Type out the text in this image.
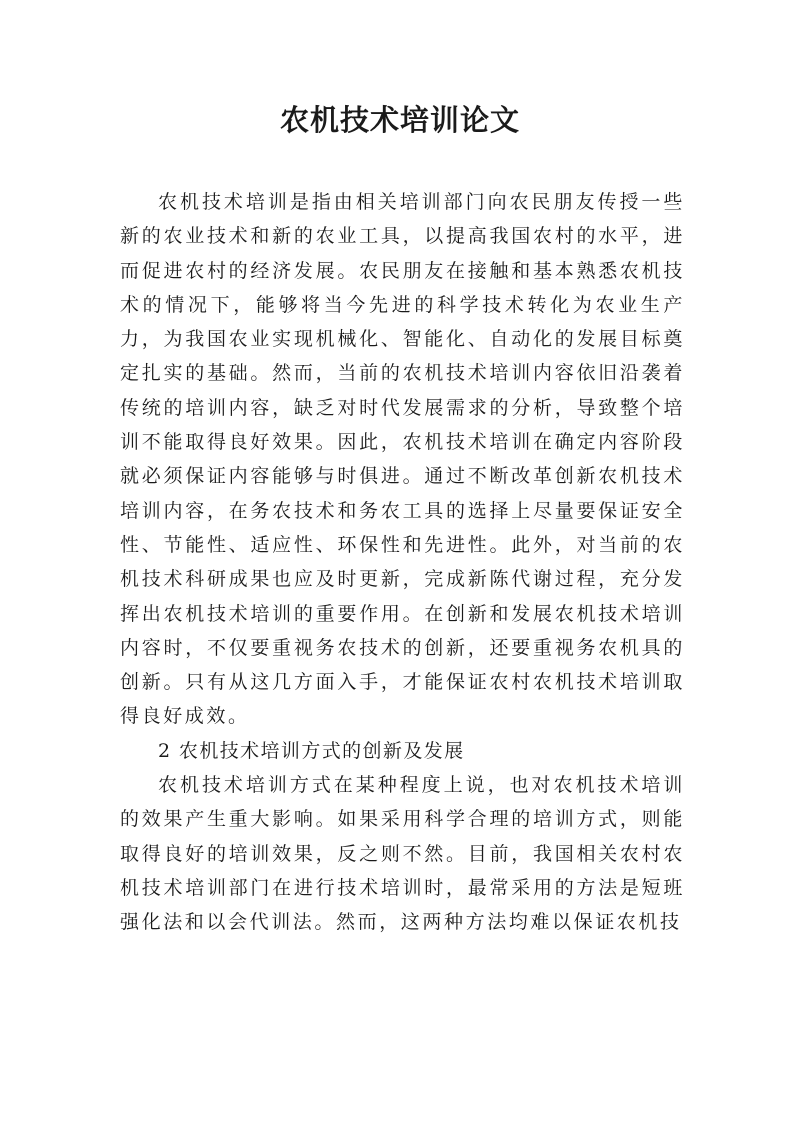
农机技术培训论文

农机技术培训是指由相关培训部门向农民朋友传授一些新的农业技术和新的农业工具，以提高我国农村的水平，进而促进农村的经济发展。农民朋友在接触和基本熟悉农机技术的情况下，能够将当今先进的科学技术转化为农业生产力，为我国农业实现机械化、智能化、自动化的发展目标奠定扎实的基础。然而，当前的农机技术培训内容依旧沿袭着传统的培训内容，缺乏对时代发展需求的分析，导致整个培训不能取得良好效果。因此，农机技术培训在确定内容阶段就必须保证内容能够与时俱进。通过不断改革创新农机技术培训内容，在务农技术和务农工具的选择上尽量要保证安全性、节能性、适应性、环保性和先进性。此外，对当前的农机技术科研成果也应及时更新，完成新陈代谢过程，充分发挥出农机技术培训的重要作用。在创新和发展农机技术培训内容时，不仅要重视务农技术的创新，还要重视务农机具的创新。只有从这几方面入手，才能保证农村农机技术培训取得良好成效。

2 农机技术培训方式的创新及发展

农机技术培训方式在某种程度上说，也对农机技术培训的效果产生重大影响。如果采用科学合理的培训方式，则能取得良好的培训效果，反之则不然。目前，我国相关农村农机技术培训部门在进行技术培训时，最常采用的方法是短班强化法和以会代训法。然而，这两种方法均难以保证农机技
